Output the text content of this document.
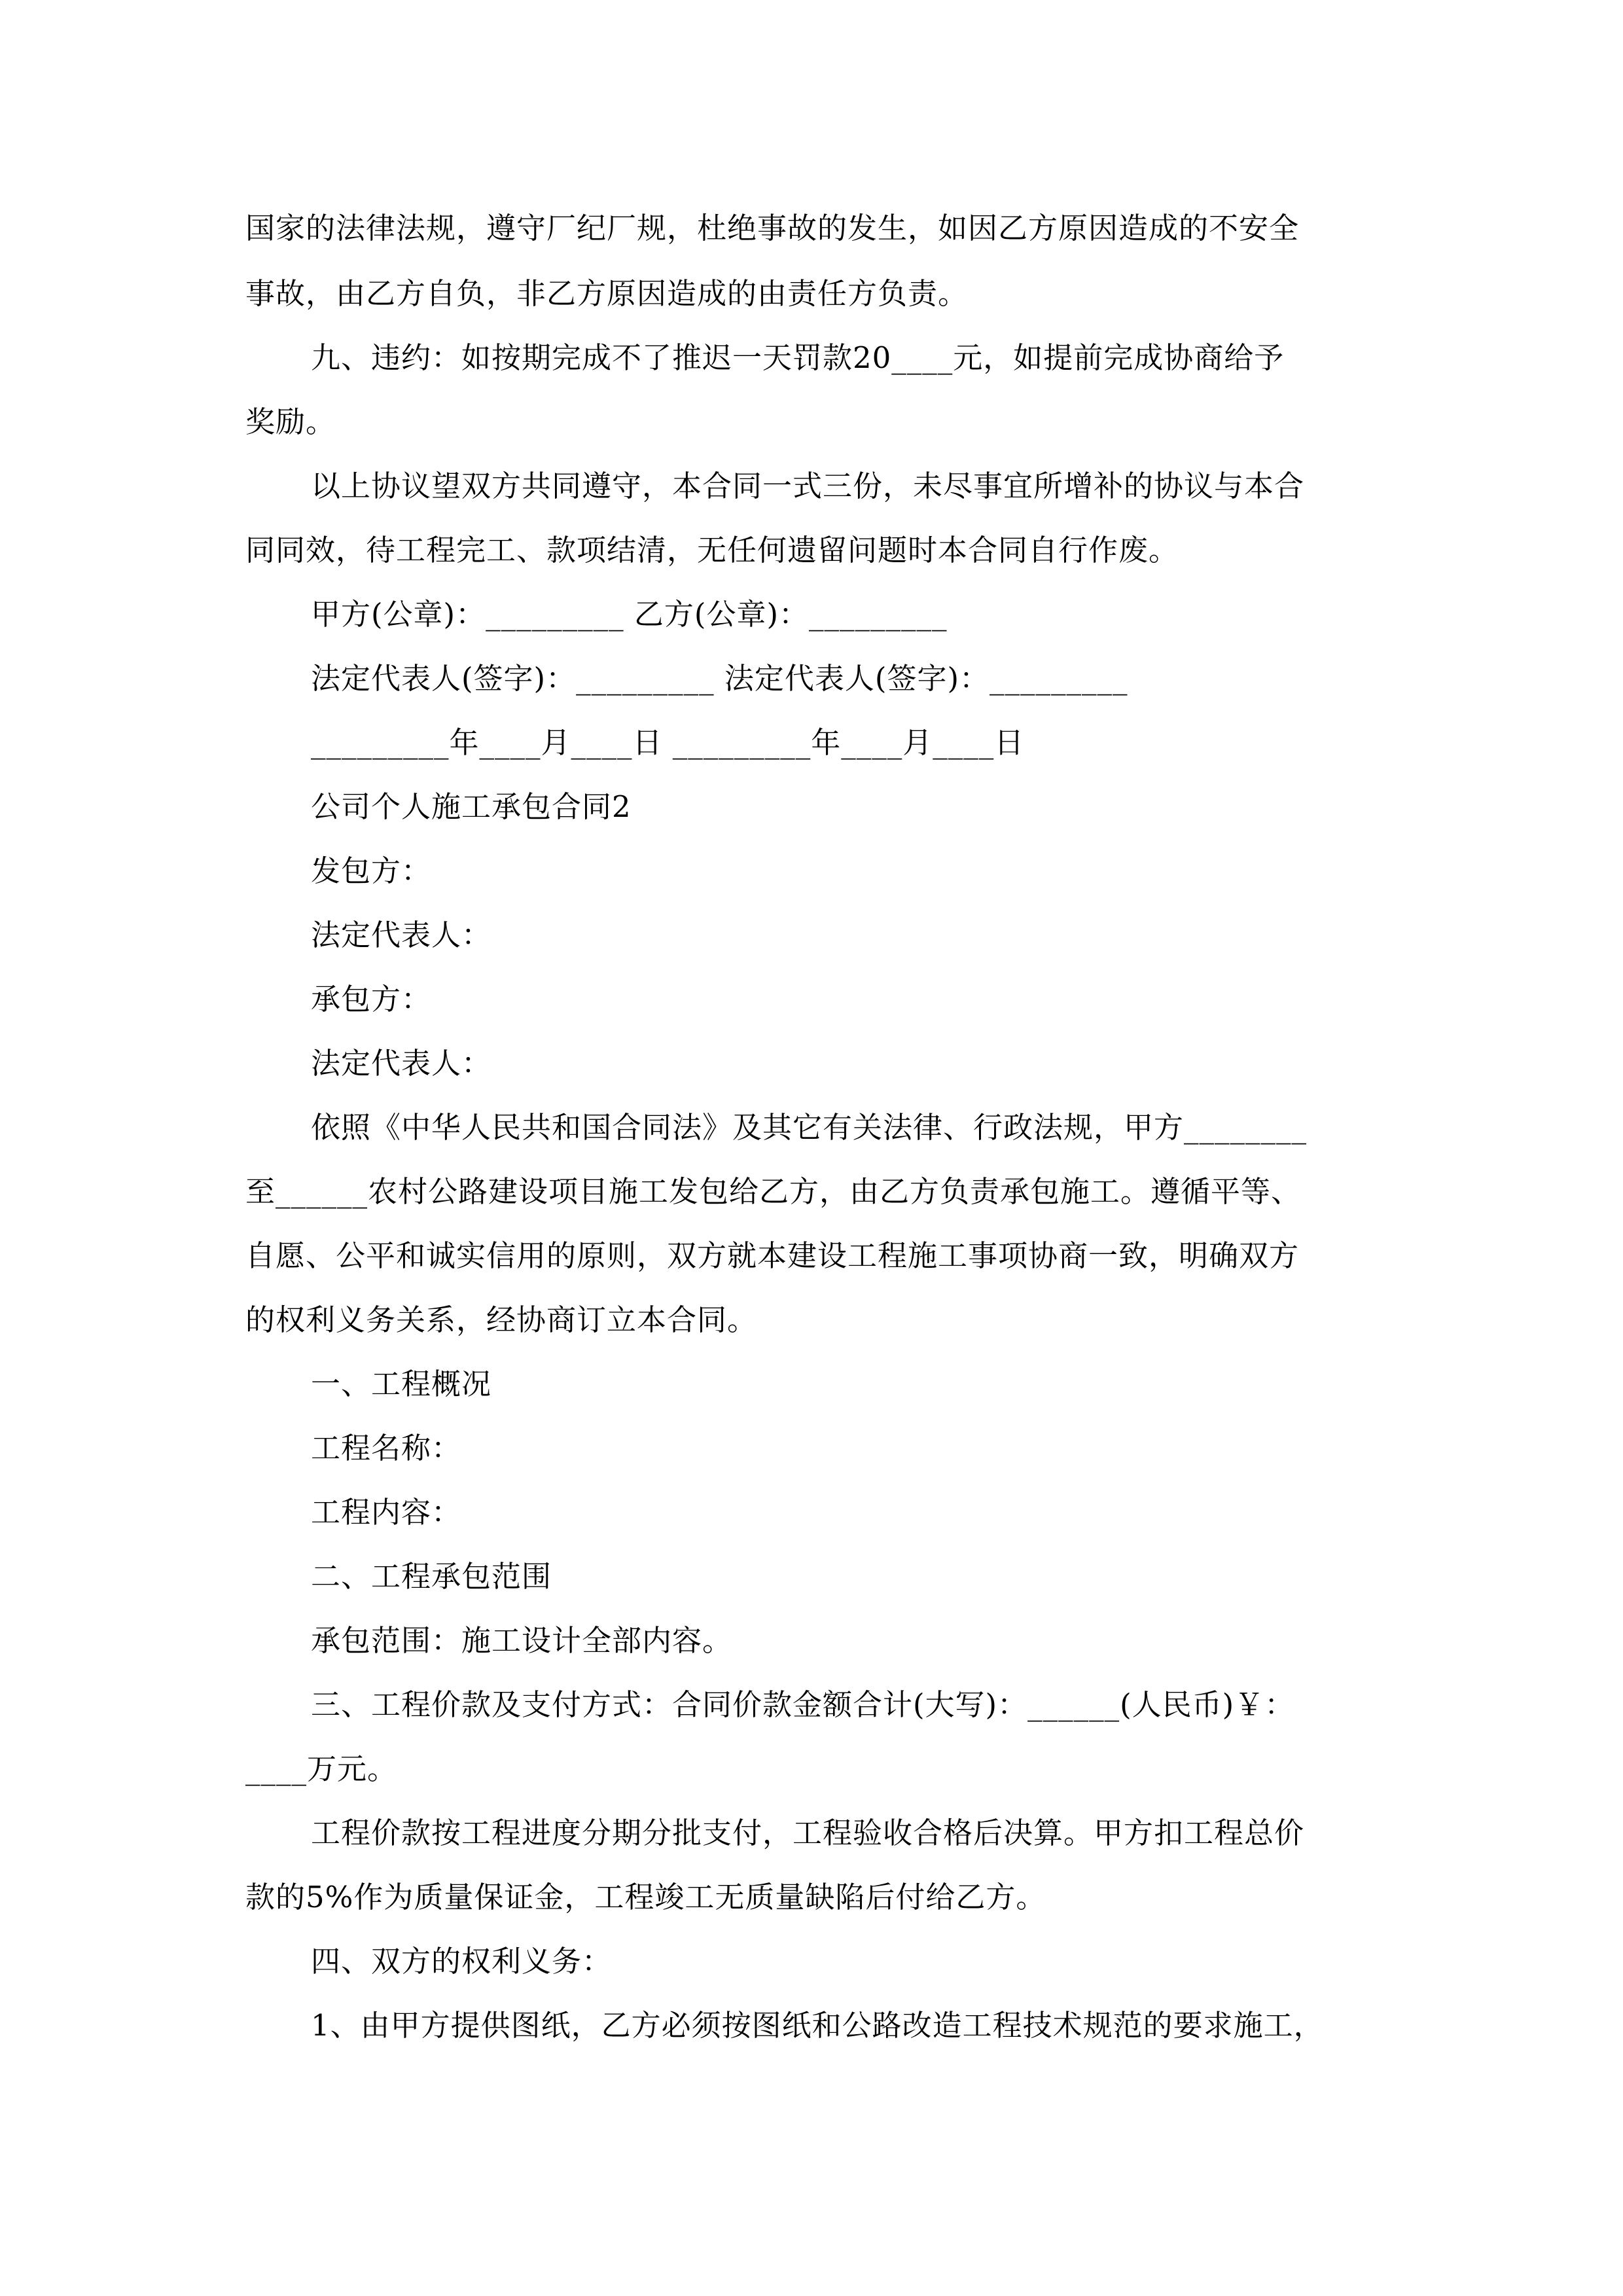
国家的法律法规，遵守厂纪厂规，杜绝事故的发生，如因乙方原因造成的不安全
事故，由乙方自负，非乙方原因造成的由责任方负责。
九、违约：如按期完成不了推迟一天罚款20____元，如提前完成协商给予
奖励。
以上协议望双方共同遵守，本合同一式三份，未尽事宜所增补的协议与本合
同同效，待工程完工、款项结清，无任何遗留问题时本合同自行作废。
甲方(公章)：_________ 乙方(公章)：_________
法定代表人(签字)：_________ 法定代表人(签字)：_________
_________年____月____日 _________年____月____日
公司个人施工承包合同2
发包方：
法定代表人：
承包方：
法定代表人：
依照《中华人民共和国合同法》及其它有关法律、行政法规，甲方________
至______农村公路建设项目施工发包给乙方，由乙方负责承包施工。遵循平等、
自愿、公平和诚实信用的原则，双方就本建设工程施工事项协商一致，明确双方
的权利义务关系，经协商订立本合同。
一、工程概况
工程名称：
工程内容：
二、工程承包范围
承包范围：施工设计全部内容。
三、工程价款及支付方式：合同价款金额合计(大写)：______(人民币)￥：
____万元。
工程价款按工程进度分期分批支付，工程验收合格后决算。甲方扣工程总价
款的5%作为质量保证金，工程竣工无质量缺陷后付给乙方。
四、双方的权利义务：
1、由甲方提供图纸，乙方必须按图纸和公路改造工程技术规范的要求施工，
